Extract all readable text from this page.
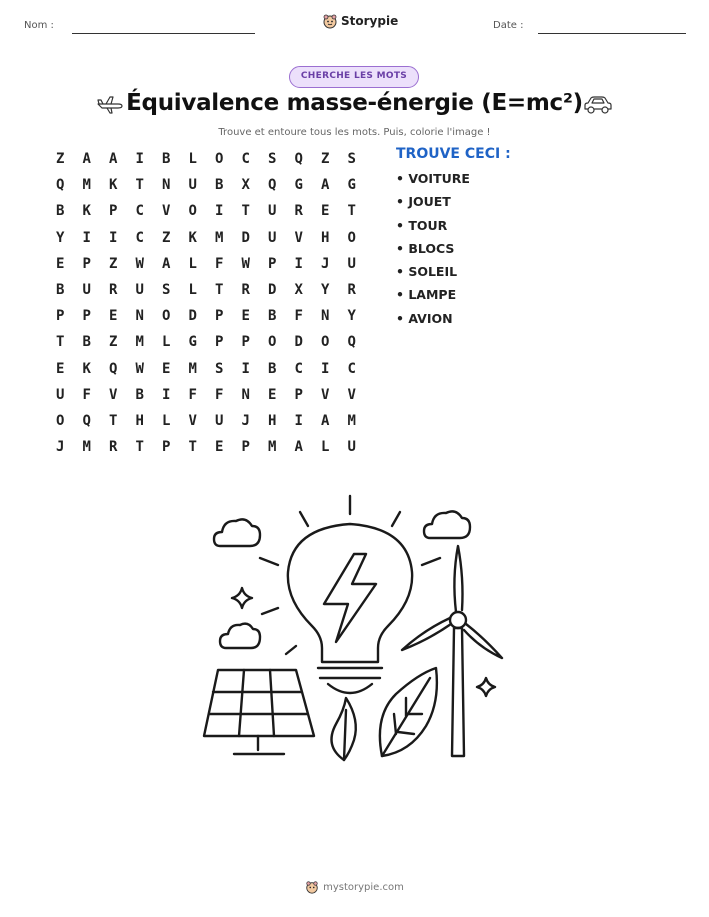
Nom :	Storypie	Date :
CHERCHE LES MOTS
Équivalence masse-énergie (E=mc²)
Trouve et entoure tous les mots. Puis, colorie l'image !
Z	A	A	I	B	L	O	C	S	Q	Z	S
Q	M	K	T	N	U	B	X	Q	G	A	G
B	K	P	C	V	O	I	T	U	R	E	T
Y	I	I	C	Z	K	M	D	U	V	H	O
E	P	Z	W	A	L	F	W	P	I	J	U
B	U	R	U	S	L	T	R	D	X	Y	R
P	P	E	N	O	D	P	E	B	F	N	Y
T	B	Z	M	L	G	P	P	O	D	O	Q
E	K	Q	W	E	M	S	I	B	C	I	C
U	F	V	B	I	F	F	N	E	P	V	V
O	Q	T	H	L	V	U	J	H	I	A	M
J	M	R	T	P	T	E	P	M	A	L	U
TROUVE CECI :
• VOITURE
• JOUET
• TOUR
• BLOCS
• SOLEIL
• LAMPE
• AVION
mystorypie.com
